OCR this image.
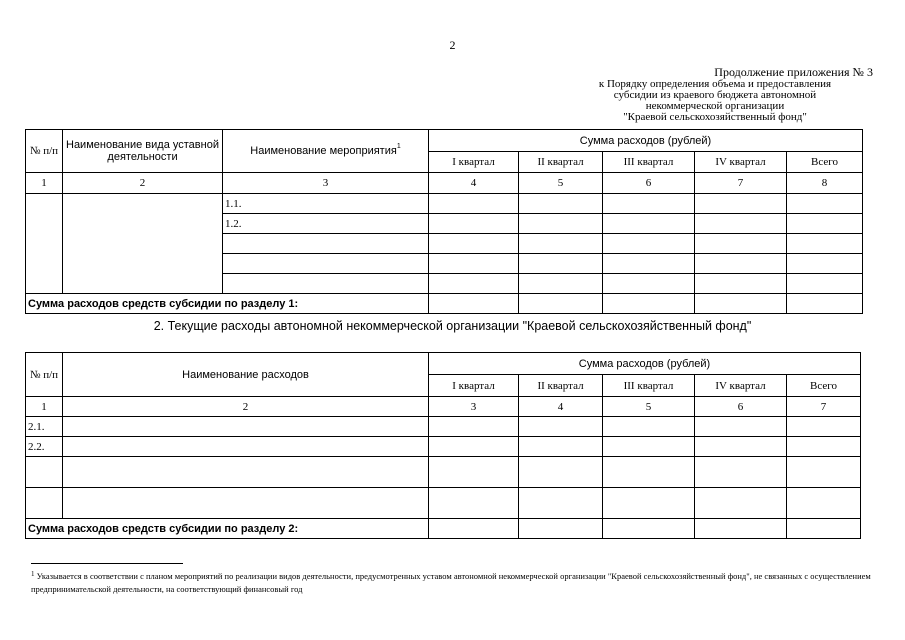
2
Продолжение приложения № 3
к Порядку определения объема и предоставления
субсидии из краевого бюджета автономной
некоммерческой организации
"Краевой сельскохозяйственный фонд"
№ п/п	Наименование вида уставной деятельности	Наименование мероприятия$^1$	Сумма расходов (рублей)				
			I квартал	II квартал	III квартал	IV квартал	Всего
1	2	3	4	5	6	7	8
		1.1.					
		1.2.					

Сумма расходов средств субсидии по разделу 1:							
2. Текущие расходы автономной некоммерческой организации "Краевой сельскохозяйственный фонд"
№ п/п	Наименование расходов	Сумма расходов (рублей)				
		I квартал	II квартал	III квартал	IV квартал	Всего
1	2	3	4	5	6	7
2.1.						
2.2.						

Сумма расходов средств субсидии по разделу 2:						
$^1$ Указывается в соответствии с планом мероприятий по реализации видов деятельности, предусмотренных уставом автономной некоммерческой организации "Краевой сельскохозяйственный фонд", не связанных с осуществлением предпринимательской деятельности, на соответствующий финансовый год
